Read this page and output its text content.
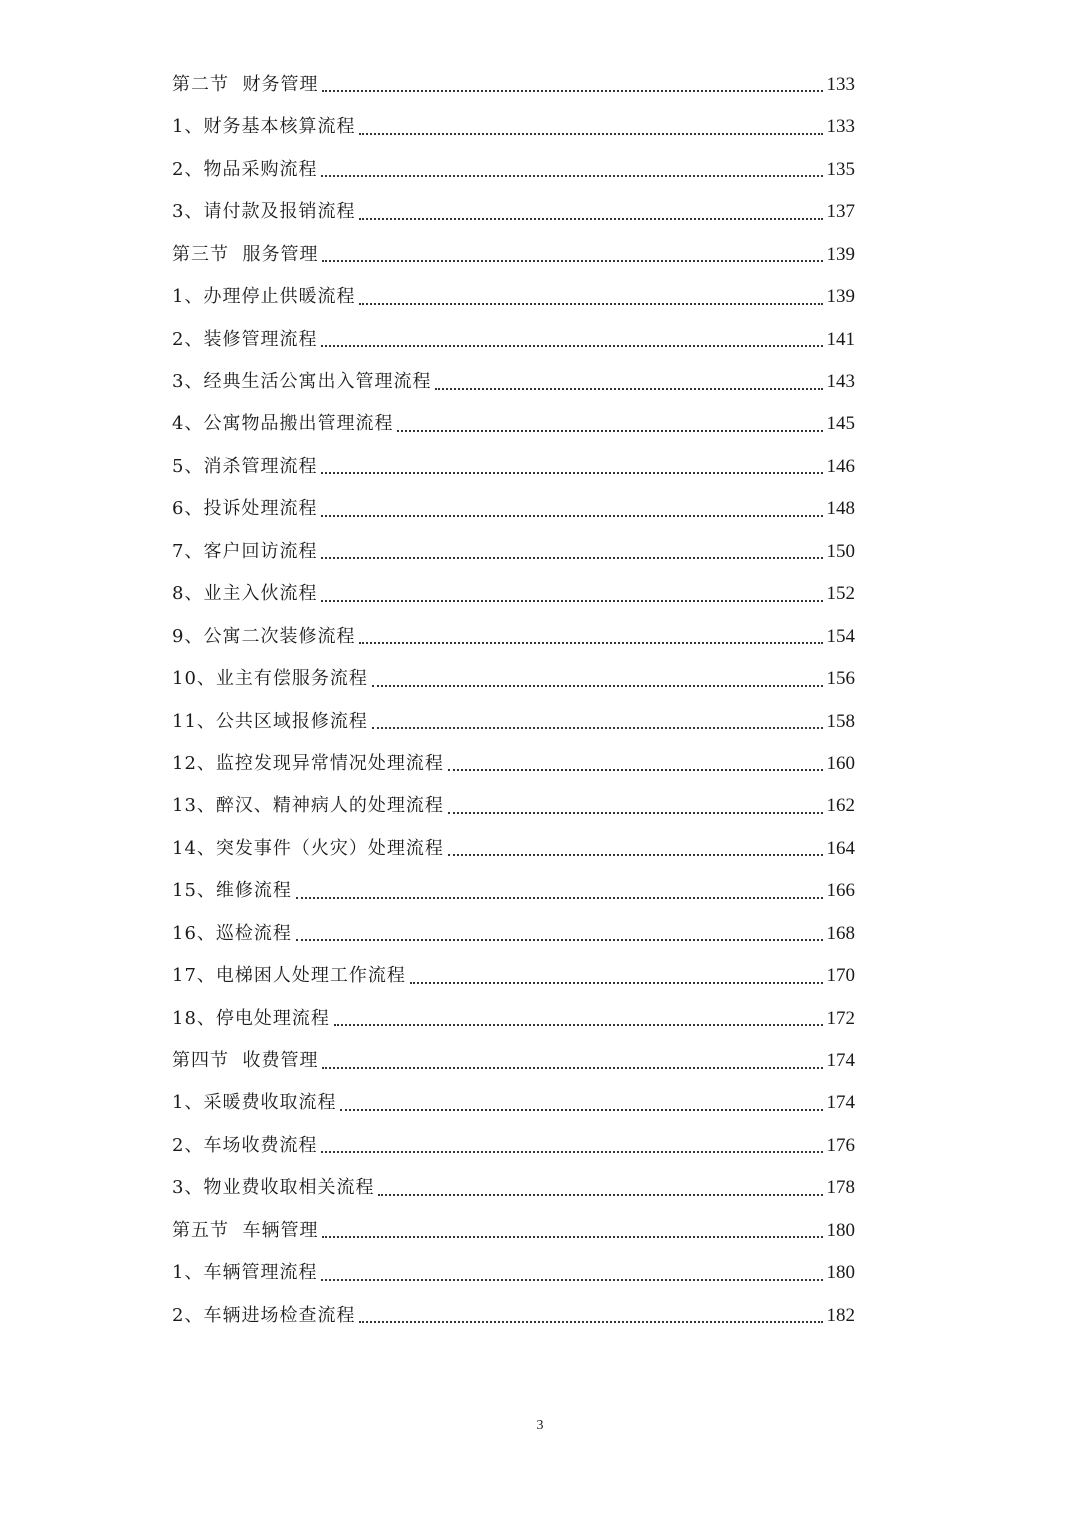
第二节  财务管理	133
1、财务基本核算流程	133
2、物品采购流程	135
3、请付款及报销流程	137
第三节  服务管理	139
1、办理停止供暖流程	139
2、装修管理流程	141
3、经典生活公寓出入管理流程	143
4、公寓物品搬出管理流程	145
5、消杀管理流程	146
6、投诉处理流程	148
7、客户回访流程	150
8、业主入伙流程	152
9、公寓二次装修流程	154
10、业主有偿服务流程	156
11、公共区域报修流程	158
12、监控发现异常情况处理流程	160
13、醉汉、精神病人的处理流程	162
14、突发事件（火灾）处理流程	164
15、维修流程	166
16、巡检流程	168
17、电梯困人处理工作流程	170
18、停电处理流程	172
第四节  收费管理	174
1、采暖费收取流程	174
2、车场收费流程	176
3、物业费收取相关流程	178
第五节  车辆管理	180
1、车辆管理流程	180
2、车辆进场检查流程	182
3
